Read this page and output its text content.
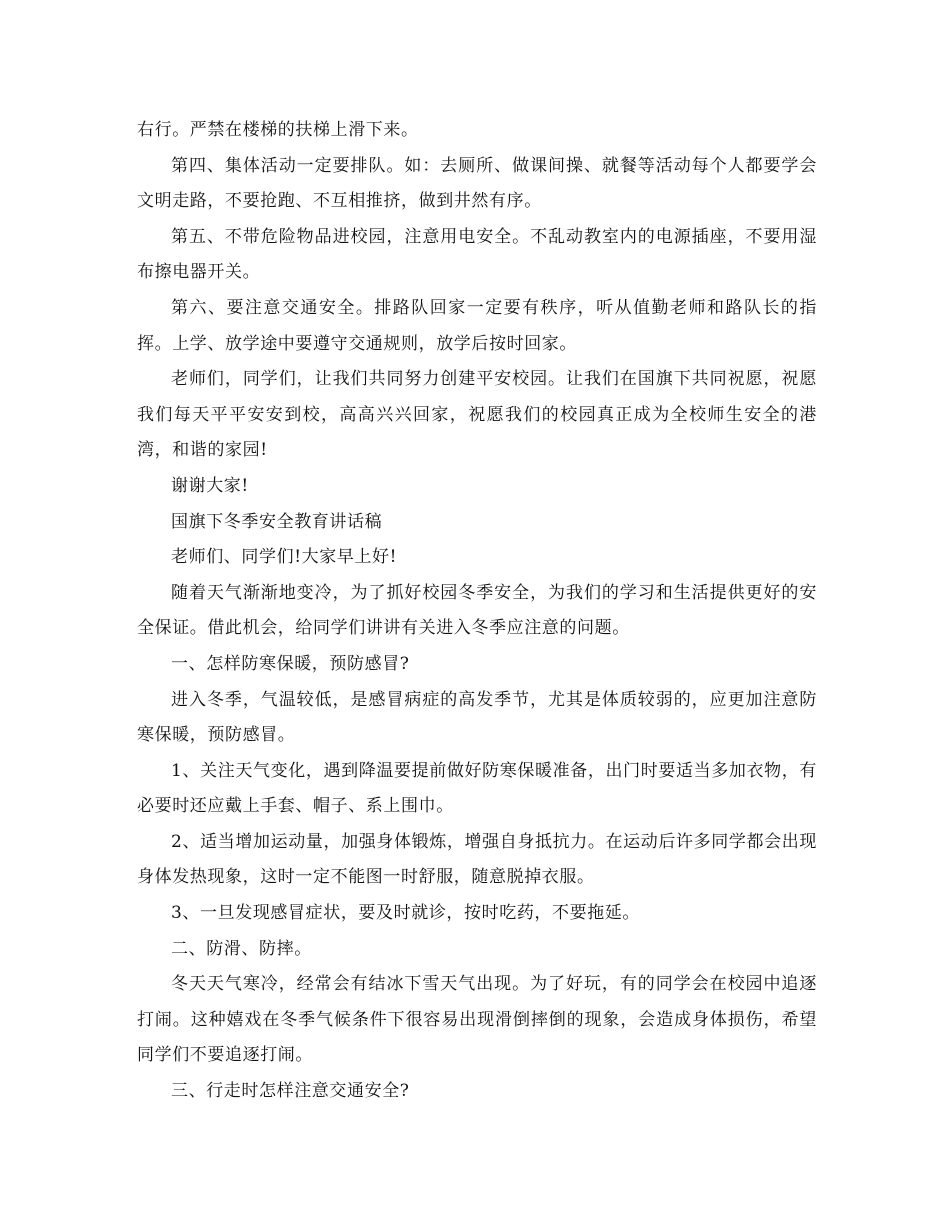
右行。严禁在楼梯的扶梯上滑下来。

第四、集体活动一定要排队。如：去厕所、做课间操、就餐等活动每个人都要学会文明走路，不要抢跑、不互相推挤，做到井然有序。

第五、不带危险物品进校园，注意用电安全。不乱动教室内的电源插座，不要用湿布擦电器开关。

第六、要注意交通安全。排路队回家一定要有秩序，听从值勤老师和路队长的指挥。上学、放学途中要遵守交通规则，放学后按时回家。

老师们，同学们，让我们共同努力创建平安校园。让我们在国旗下共同祝愿，祝愿我们每天平平安安到校，高高兴兴回家，祝愿我们的校园真正成为全校师生安全的港湾，和谐的家园!

谢谢大家!

国旗下冬季安全教育讲话稿

老师们、同学们!大家早上好!

随着天气渐渐地变冷，为了抓好校园冬季安全，为我们的学习和生活提供更好的安全保证。借此机会，给同学们讲讲有关进入冬季应注意的问题。

一、怎样防寒保暖，预防感冒?

进入冬季，气温较低，是感冒病症的高发季节，尤其是体质较弱的，应更加注意防寒保暖，预防感冒。

1、关注天气变化，遇到降温要提前做好防寒保暖准备，出门时要适当多加衣物，有必要时还应戴上手套、帽子、系上围巾。

2、适当增加运动量，加强身体锻炼，增强自身抵抗力。在运动后许多同学都会出现身体发热现象，这时一定不能图一时舒服，随意脱掉衣服。

3、一旦发现感冒症状，要及时就诊，按时吃药，不要拖延。

二、防滑、防摔。

冬天天气寒冷，经常会有结冰下雪天气出现。为了好玩，有的同学会在校园中追逐打闹。这种嬉戏在冬季气候条件下很容易出现滑倒摔倒的现象，会造成身体损伤，希望同学们不要追逐打闹。

三、行走时怎样注意交通安全?
